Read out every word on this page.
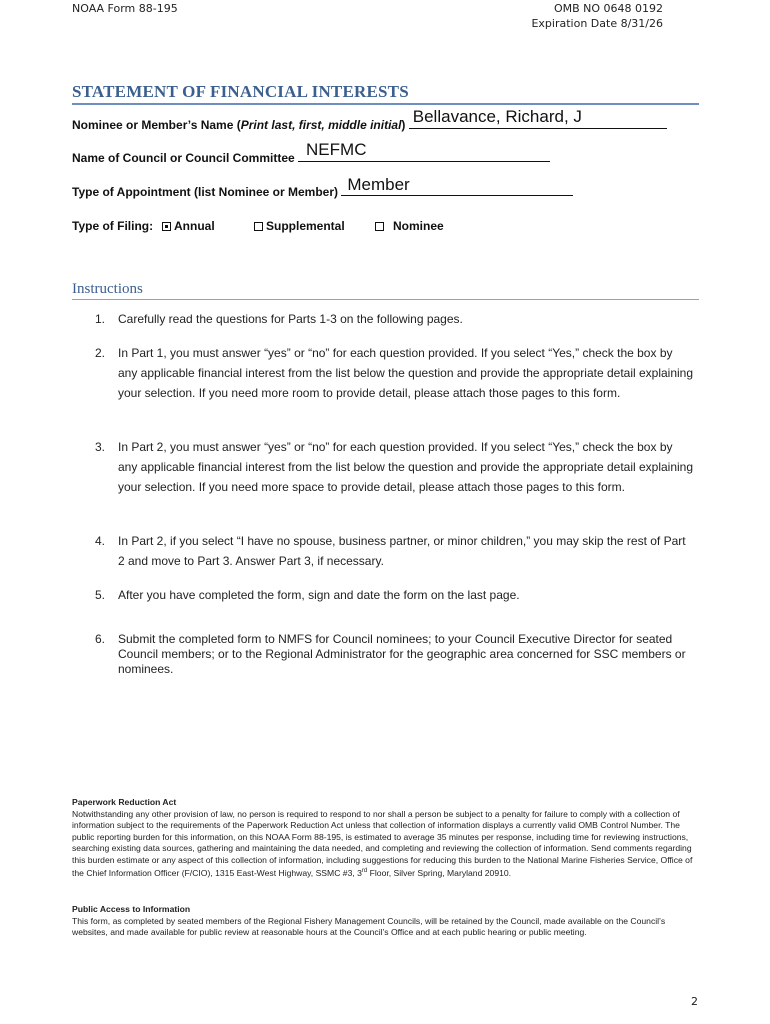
NOAA Form 88-195	OMB NO 0648 0192
Expiration Date 8/31/26
STATEMENT OF FINANCIAL INTERESTS
Nominee or Member’s Name (Print last, first, middle initial) Bellavance, Richard, J
Name of Council or Council Committee NEFMC
Type of Appointment (list Nominee or Member) Member
Type of Filing:	Annual	Supplemental	Nominee
Instructions
1. Carefully read the questions for Parts 1-3 on the following pages.
2. In Part 1, you must answer “yes” or “no” for each question provided. If you select “Yes,” check the box by any applicable financial interest from the list below the question and provide the appropriate detail explaining your selection. If you need more room to provide detail, please attach those pages to this form.
3. In Part 2, you must answer “yes” or “no” for each question provided. If you select “Yes,” check the box by any applicable financial interest from the list below the question and provide the appropriate detail explaining your selection. If you need more space to provide detail, please attach those pages to this form.
4. In Part 2, if you select “I have no spouse, business partner, or minor children,” you may skip the rest of Part 2 and move to Part 3. Answer Part 3, if necessary.
5. After you have completed the form, sign and date the form on the last page.
6. Submit the completed form to NMFS for Council nominees; to your Council Executive Director for seated Council members; or to the Regional Administrator for the geographic area concerned for SSC members or nominees.
Paperwork Reduction Act
Notwithstanding any other provision of law, no person is required to respond to nor shall a person be subject to a penalty for failure to comply with a collection of information subject to the requirements of the Paperwork Reduction Act unless that collection of information displays a currently valid OMB Control Number. The public reporting burden for this information, on this NOAA Form 88-195, is estimated to average 35 minutes per response, including time for reviewing instructions, searching existing data sources, gathering and maintaining the data needed, and completing and reviewing the collection of information. Send comments regarding this burden estimate or any aspect of this collection of information, including suggestions for reducing this burden to the National Marine Fisheries Service, Office of the Chief Information Officer (F/CIO), 1315 East-West Highway, SSMC #3, 3rd Floor, Silver Spring, Maryland 20910.
Public Access to Information
This form, as completed by seated members of the Regional Fishery Management Councils, will be retained by the Council, made available on the Council’s websites, and made available for public review at reasonable hours at the Council’s Office and at each public hearing or public meeting.
2
